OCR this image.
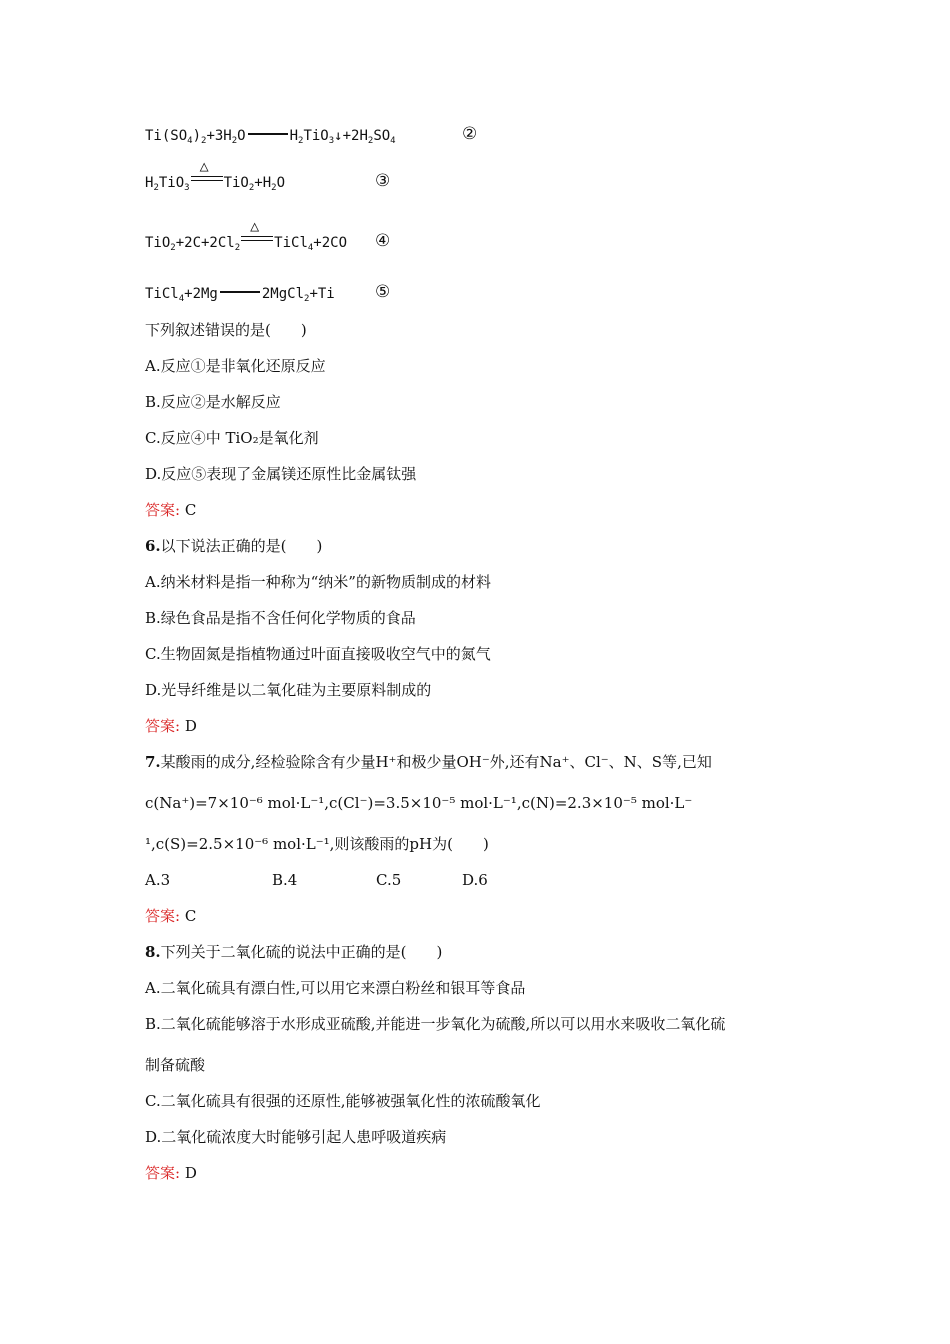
$Ti(SO_4)_2+3H_2O$	$H_2TiO_3↓+2H_2SO_4$	②
$H_2TiO_3$
△
$TiO_2+H_2O$	③
$TiO_2+2C+2Cl_2$
△
TiCl$_4$+2CO ④
TiCl$_4$+2Mg	2MgCl$_2$+Ti ⑤
下列叙述错误的是(　　)
A.反应①是非氧化还原反应
B.反应②是水解反应
C.反应④中 TiO₂是氧化剂
D.反应⑤表现了金属镁还原性比金属钛强
答案: C
6.以下说法正确的是(　　)
A.纳米材料是指一种称为“纳米”的新物质制成的材料
B.绿色食品是指不含任何化学物质的食品
C.生物固氮是指植物通过叶面直接吸收空气中的氮气
D.光导纤维是以二氧化硅为主要原料制成的
答案: D
7.某酸雨的成分,经检验除含有少量H⁺和极少量OH⁻外,还有Na⁺、Cl⁻、N、S等,已知
c(Na⁺)=7×10⁻⁶ mol·L⁻¹,c(Cl⁻)=3.5×10⁻⁵ mol·L⁻¹,c(N)=2.3×10⁻⁵ mol·L⁻
¹,c(S)=2.5×10⁻⁶ mol·L⁻¹,则该酸雨的pH为(　　)
A.3	B.4	C.5	D.6
答案: C
8.下列关于二氧化硫的说法中正确的是(　　)
A.二氧化硫具有漂白性,可以用它来漂白粉丝和银耳等食品
B.二氧化硫能够溶于水形成亚硫酸,并能进一步氧化为硫酸,所以可以用水来吸收二氧化硫
制备硫酸
C.二氧化硫具有很强的还原性,能够被强氧化性的浓硫酸氧化
D.二氧化硫浓度大时能够引起人患呼吸道疾病
答案: D
